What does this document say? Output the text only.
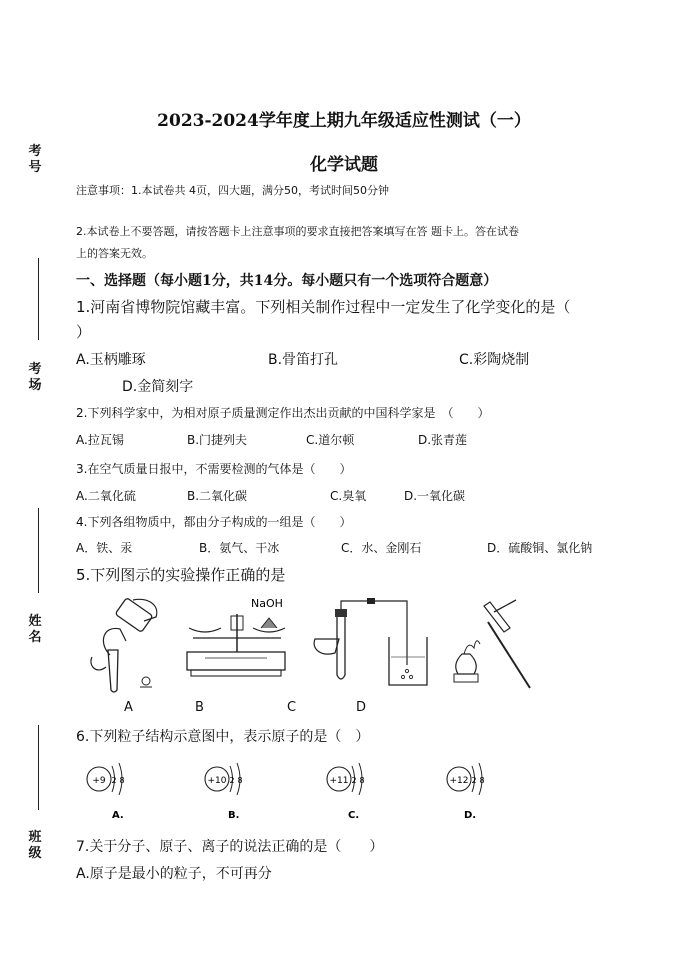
考号
考场
姓名
班级
2023-2024学年度上期九年级适应性测试（一）
化学试题
注意事项：1.本试卷共 4页，四大题，满分50，考试时间50分钟
2.本试卷上不要答题，请按答题卡上注意事项的要求直接把答案填写在答 题卡上。答在试卷
上的答案无效。
一、选择题（每小题1分，共14分。每小题只有一个选项符合题意）
1.河南省博物院馆藏丰富。下列相关制作过程中一定发生了化学变化的是（
）
A.玉柄雕琢	B.骨笛打孔	C.彩陶烧制
D.金简刻字
2.下列科学家中，为相对原子质量测定作出杰出贡献的中国科学家是　（　　）
A.拉瓦锡	B.门捷列夫	C.道尔顿	D.张青莲
3.在空气质量日报中，不需要检测的气体是（　　）
A.二氧化硫	B.二氧化碳	C.臭氧	D.一氧化碳
4.下列各组物质中，都由分子构成的一组是（　　）
A．铁、汞	B．氨气、干冰	C．水、金刚石	D．硫酸铜、氯化钠
5.下列图示的实验操作正确的是
NaOH
A	B	C	D
6.下列粒子结构示意图中，表示原子的是（　）
+9 2 8
A.
+10 2 8
B.
+11 2 8
C.
+12 2 8
D.
7.关于分子、原子、离子的说法正确的是（　　）
A.原子是最小的粒子，不可再分
